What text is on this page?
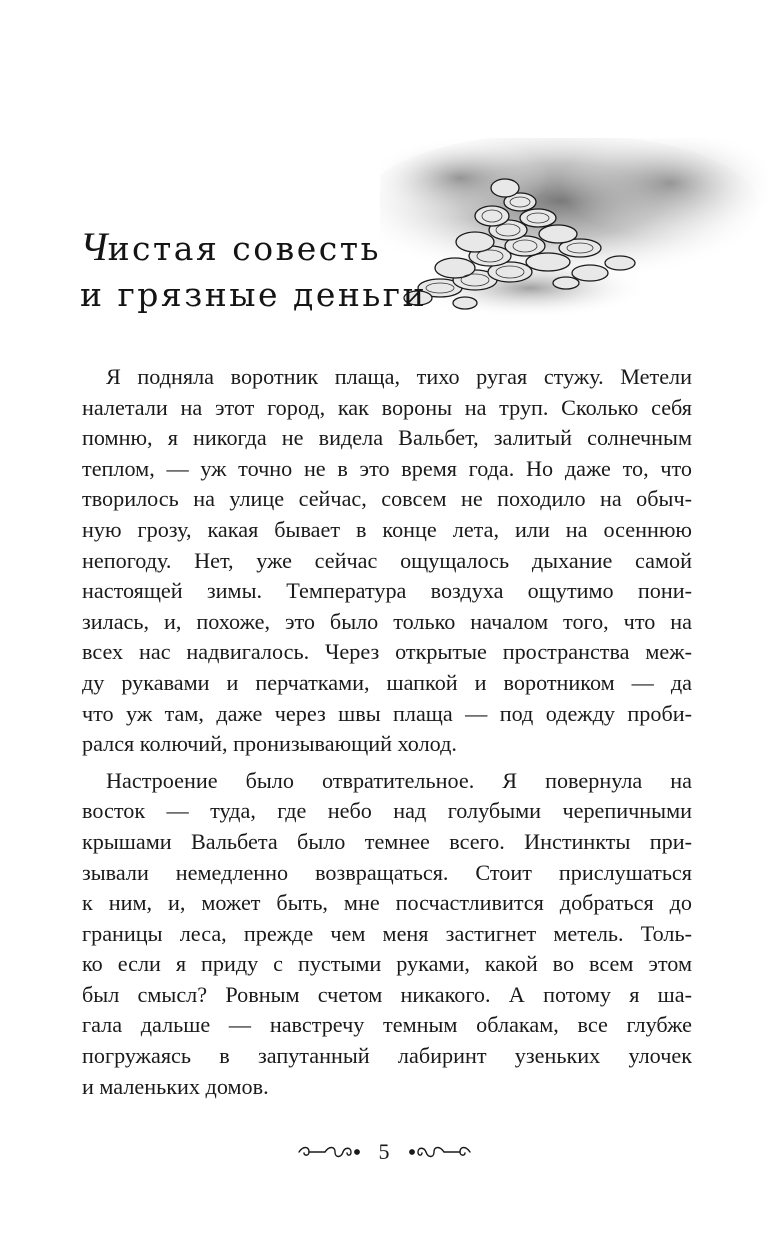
Чистая совесть
и грязные деньги
Я подняла воротник плаща, тихо ругая стужу. Метели
налетали на этот город, как вороны на труп. Сколько себя
помню, я никогда не видела Вальбет, залитый солнечным
теплом, — уж точно не в это время года. Но даже то, что
творилось на улице сейчас, совсем не походило на обыч-
ную грозу, какая бывает в конце лета, или на осеннюю
непогоду. Нет, уже сейчас ощущалось дыхание самой
настоящей зимы. Температура воздуха ощутимо пони-
зилась, и, похоже, это было только началом того, что на
всех нас надвигалось. Через открытые пространства меж-
ду рукавами и перчатками, шапкой и воротником — да
что уж там, даже через швы плаща — под одежду проби-
рался колючий, пронизывающий холод.
Настроение было отвратительное. Я повернула на
восток — туда, где небо над голубыми черепичными
крышами Вальбета было темнее всего. Инстинкты при-
зывали немедленно возвращаться. Стоит прислушаться
к ним, и, может быть, мне посчастливится добраться до
границы леса, прежде чем меня застигнет метель. Толь-
ко если я приду с пустыми руками, какой во всем этом
был смысл? Ровным счетом никакого. А потому я ша-
гала дальше — навстречу темным облакам, все глубже
погружаясь в запутанный лабиринт узеньких улочек
и маленьких домов.
5
